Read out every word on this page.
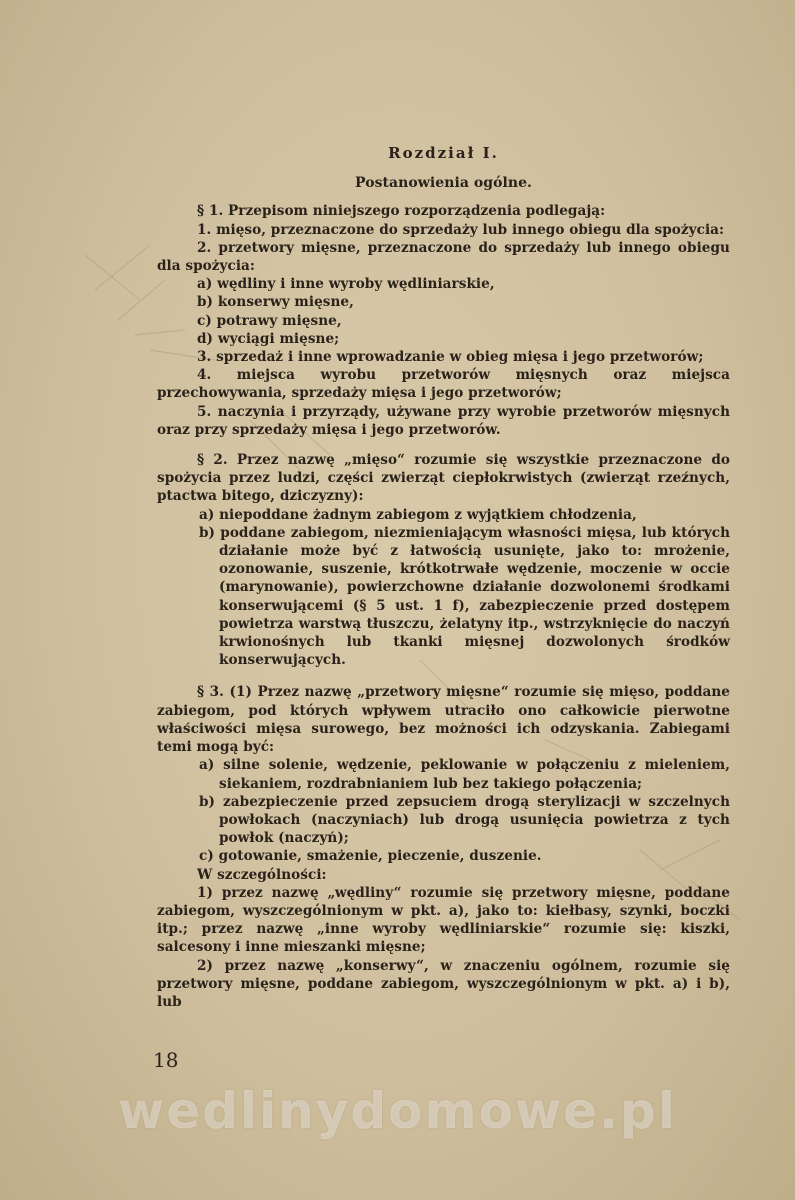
Rozdział I.

Postanowienia ogólne.

§ 1. Przepisom niniejszego rozporządzenia podlegają:

1. mięso, przeznaczone do sprzedaży lub innego obiegu dla spożycia:

2. przetwory mięsne, przeznaczone do sprzedaży lub innego obiegu dla spożycia:

a) wędliny i inne wyroby wędliniarskie,

b) konserwy mięsne,

c) potrawy mięsne,

d) wyciągi mięsne;

3. sprzedaż i inne wprowadzanie w obieg mięsa i jego przetworów;

4. miejsca wyrobu przetworów mięsnych oraz miejsca przechowywania, sprzedaży mięsa i jego przetworów;

5. naczynia i przyrządy, używane przy wyrobie przetworów mięsnych oraz przy sprzedaży mięsa i jego przetworów.

§ 2. Przez nazwę „mięso“ rozumie się wszystkie przeznaczone do spożycia przez ludzi, części zwierząt ciepłokrwistych (zwierząt rzeźnych, ptactwa bitego, dziczyzny):

a) niepoddane żadnym zabiegom z wyjątkiem chłodzenia,

b) poddane zabiegom, niezmieniającym własności mięsa, lub których działanie może być z łatwością usunięte, jako to: mrożenie, ozonowanie, suszenie, krótkotrwałe wędzenie, moczenie w occie (marynowanie), powierzchowne działanie dozwolonemi środkami konserwującemi (§ 5 ust. 1 f), zabezpieczenie przed dostępem powietrza warstwą tłuszczu, żelatyny itp., wstrzyknięcie do naczyń krwionośnych lub tkanki mięsnej dozwolonych środków konserwujących.

§ 3. (1) Przez nazwę „przetwory mięsne“ rozumie się mięso, poddane zabiegom, pod których wpływem utraciło ono całkowicie pierwotne właściwości mięsa surowego, bez możności ich odzyskania. Zabiegami temi mogą być:

a) silne solenie, wędzenie, peklowanie w połączeniu z mieleniem, siekaniem, rozdrabnianiem lub bez takiego połączenia;

b) zabezpieczenie przed zepsuciem drogą sterylizacji w szczelnych powłokach (naczyniach) lub drogą usunięcia powietrza z tych powłok (naczyń);

c) gotowanie, smażenie, pieczenie, duszenie.

W szczególności:

1) przez nazwę „wędliny“ rozumie się przetwory mięsne, poddane zabiegom, wyszczególnionym w pkt. a), jako to: kiełbasy, szynki, boczki itp.; przez nazwę „inne wyroby wędliniarskie“ rozumie się: kiszki, salcesony i inne mieszanki mięsne;

2) przez nazwę „konserwy“, w znaczeniu ogólnem, rozumie się przetwory mięsne, poddane zabiegom, wyszczególnionym w pkt. a) i b), lub

18
wedlinydomowe.pl
